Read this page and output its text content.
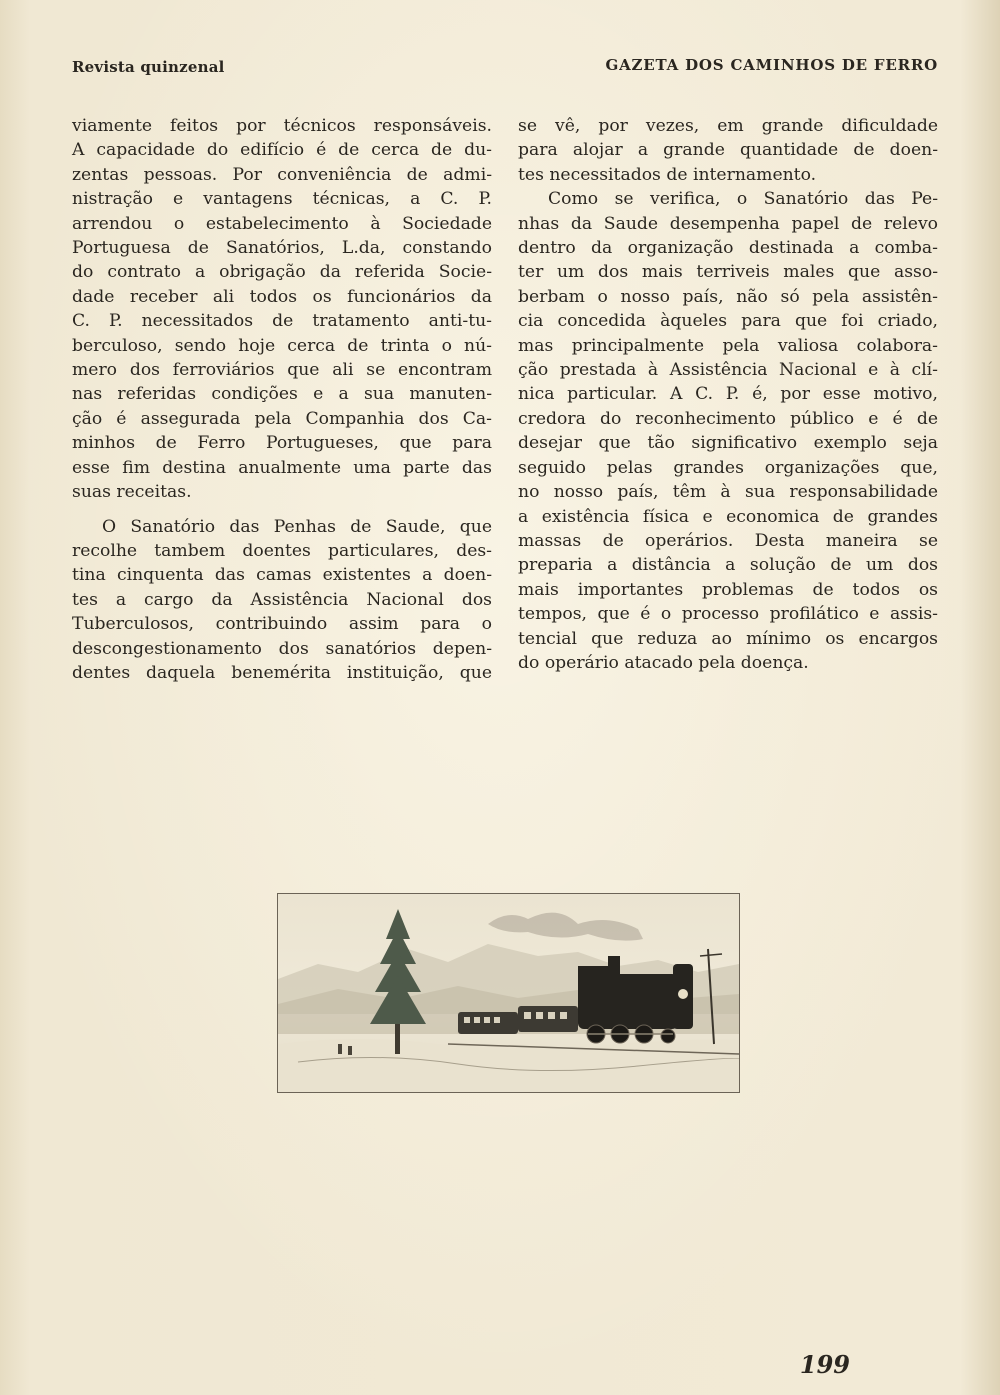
Revista quinzenal	GAZETA DOS CAMINHOS DE FERRO

viamente feitos por técnicos responsáveis.

A capacidade do edifício é de cerca de du-

zentas pessoas. Por conveniência de admi-

nistração e vantagens técnicas, a C. P.

arrendou o estabelecimento à Sociedade

Portuguesa de Sanatórios, L.da, constando

do contrato a obrigação da referida Socie-

dade receber ali todos os funcionários da

C. P. necessitados de tratamento anti-tu-

berculoso, sendo hoje cerca de trinta o nú-

mero dos ferroviários que ali se encontram

nas referidas condições e a sua manuten-

ção é assegurada pela Companhia dos Ca-

minhos de Ferro Portugueses, que para

esse fim destina anualmente uma parte das

suas receitas.

O Sanatório das Penhas de Saude, que

recolhe tambem doentes particulares, des-

tina cinquenta das camas existentes a doen-

tes a cargo da Assistência Nacional dos

Tuberculosos, contribuindo assim para o

descongestionamento dos sanatórios depen-

dentes daquela benemérita instituição, que

se vê, por vezes, em grande dificuldade

para alojar a grande quantidade de doen-

tes necessitados de internamento.

Como se verifica, o Sanatório das Pe-

nhas da Saude desempenha papel de relevo

dentro da organização destinada a comba-

ter um dos mais terriveis males que asso-

berbam o nosso país, não só pela assistên-

cia concedida àqueles para que foi criado,

mas principalmente pela valiosa colabora-

ção prestada à Assistência Nacional e à clí-

nica particular. A C. P. é, por esse motivo,

credora do reconhecimento público e é de

desejar que tão significativo exemplo seja

seguido pelas grandes organizações que,

no nosso país, têm à sua responsabilidade

a existência física e economica de grandes

massas de operários. Desta maneira se

preparia a distância a solução de um dos

mais importantes problemas de todos os

tempos, que é o processo profilático e assis-

tencial que reduza ao mínimo os encargos

do operário atacado pela doença.

199
